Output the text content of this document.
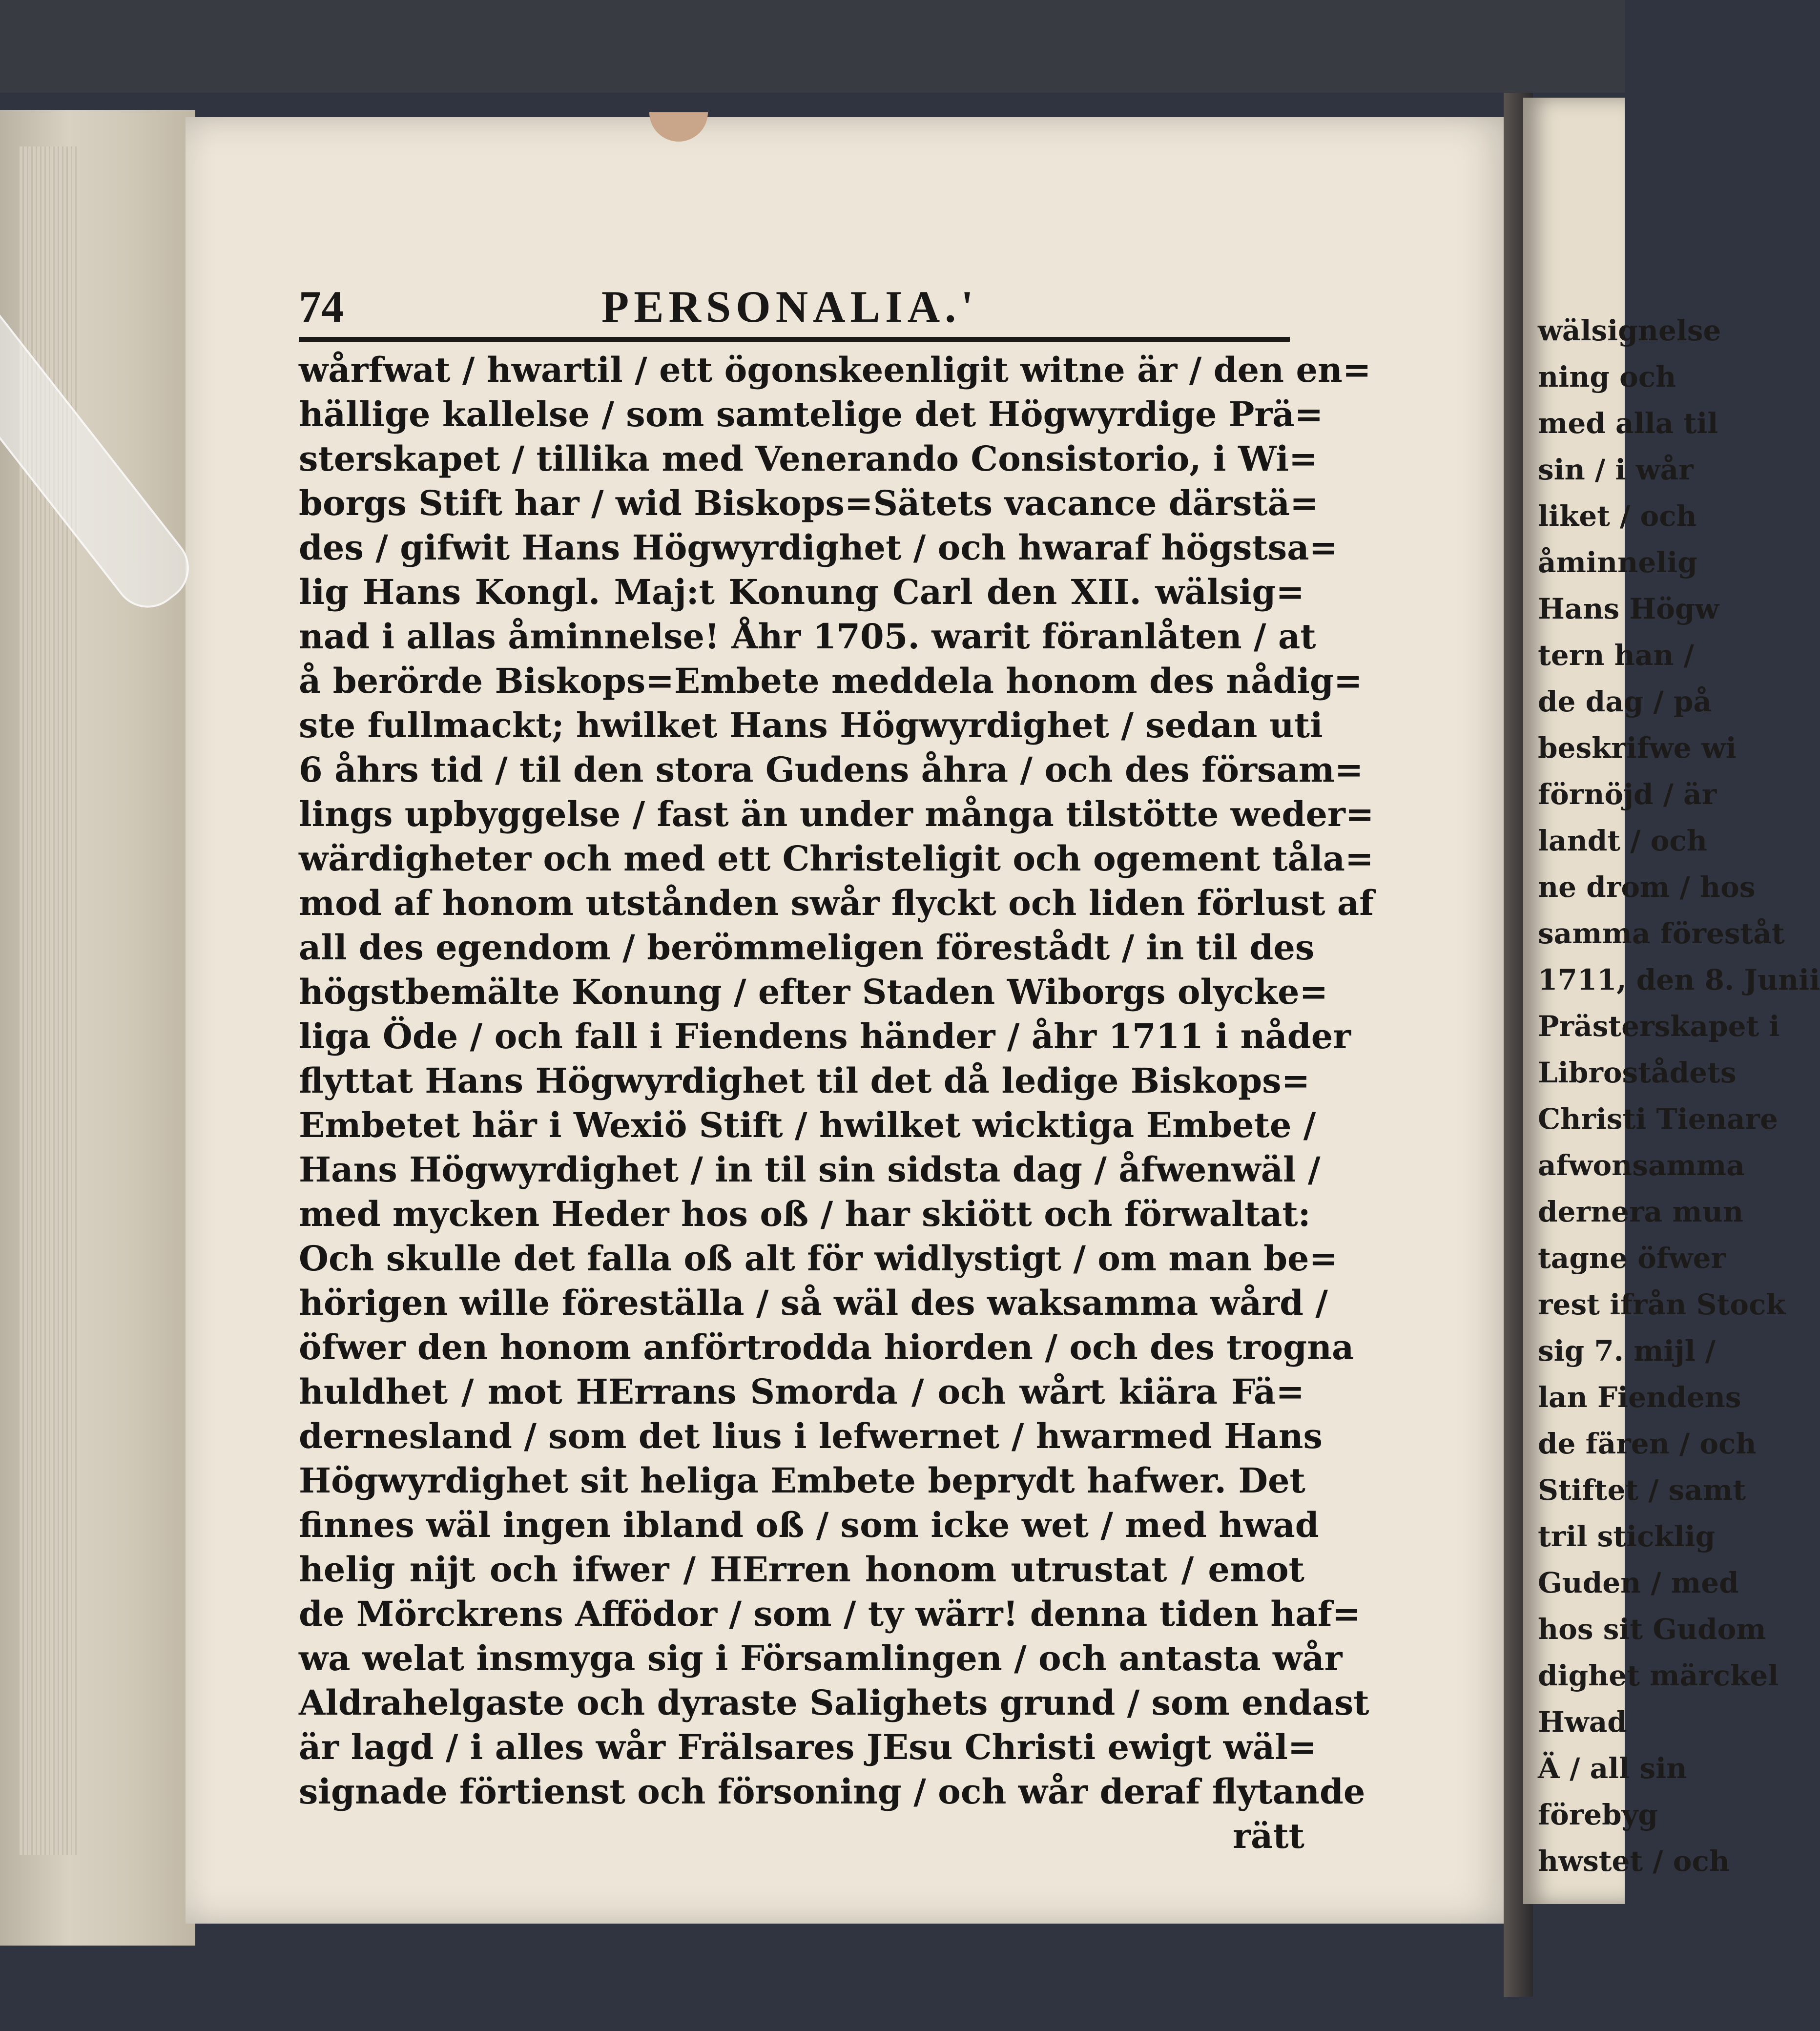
wälsignelse
ning och
med alla til
sin / i wår
liket / och
åminnelig
Hans Högw
tern han /
de dag / på
beskrifwe wi
förnöjd / är
landt / och
ne drom / hos
samma föreståt
1711, den 8. Junii
Prästerskapet i
Librostådets
Christi Tienare
afwonsamma
dernera mun
tagne öfwer
rest ifrån Stock
sig 7. mijl /
lan Fiendens
de fären / och
Stiftet / samt
tril sticklig
Guden / med
hos sit Gudom
dighet märckel
Hwad
Ä / all sin
förebyg
hwstet / och
74	PERSONALIA.'
wårfwat / hwartil / ett ögonskeenligit witne är / den en=
hällige kallelse / som samtelige det Högwyrdige Prä=
sterskapet / tillika med Venerando Consistorio, i Wi=
borgs Stift har / wid Biskops=Sätets vacance därstä=
des / gifwit Hans Högwyrdighet / och hwaraf högstsa=
lig Hans Kongl. Maj:t Konung Carl den XII. wälsig=
nad i allas åminnelse! Åhr 1705. warit föranlåten / at
å berörde Biskops=Embete meddela honom des nådig=
ste fullmackt; hwilket Hans Högwyrdighet / sedan uti
6 åhrs tid / til den stora Gudens åhra / och des försam=
lings upbyggelse / fast än under många tilstötte weder=
wärdigheter och med ett Christeligit och ogement tåla=
mod af honom utstånden swår flyckt och liden förlust af
all des egendom / berömmeligen förestådt / in til des
högstbemälte Konung / efter Staden Wiborgs olycke=
liga Öde / och fall i Fiendens händer / åhr 1711 i nåder
flyttat Hans Högwyrdighet til det då ledige Biskops=
Embetet här i Wexiö Stift / hwilket wicktiga Embete /
Hans Högwyrdighet / in til sin sidsta dag / åfwenwäl /
med mycken Heder hos oß / har skiött och förwaltat:
Och skulle det falla oß alt för widlystigt / om man be=
hörigen wille föreställa / så wäl des waksamma wård /
öfwer den honom anförtrodda hiorden / och des trogna
huldhet / mot HErrans Smorda / och wårt kiära Fä=
dernesland / som det lius i lefwernet / hwarmed Hans
Högwyrdighet sit heliga Embete beprydt hafwer. Det
finnes wäl ingen ibland oß / som icke wet / med hwad
helig nijt och ifwer / HErren honom utrustat / emot
de Mörckrens Affödor / som / ty wärr! denna tiden haf=
wa welat insmyga sig i Församlingen / och antasta wår
Aldrahelgaste och dyraste Salighets grund / som endast
är lagd / i alles wår Frälsares JEsu Christi ewigt wäl=
signade förtienst och försoning / och wår deraf flytande
rätt
